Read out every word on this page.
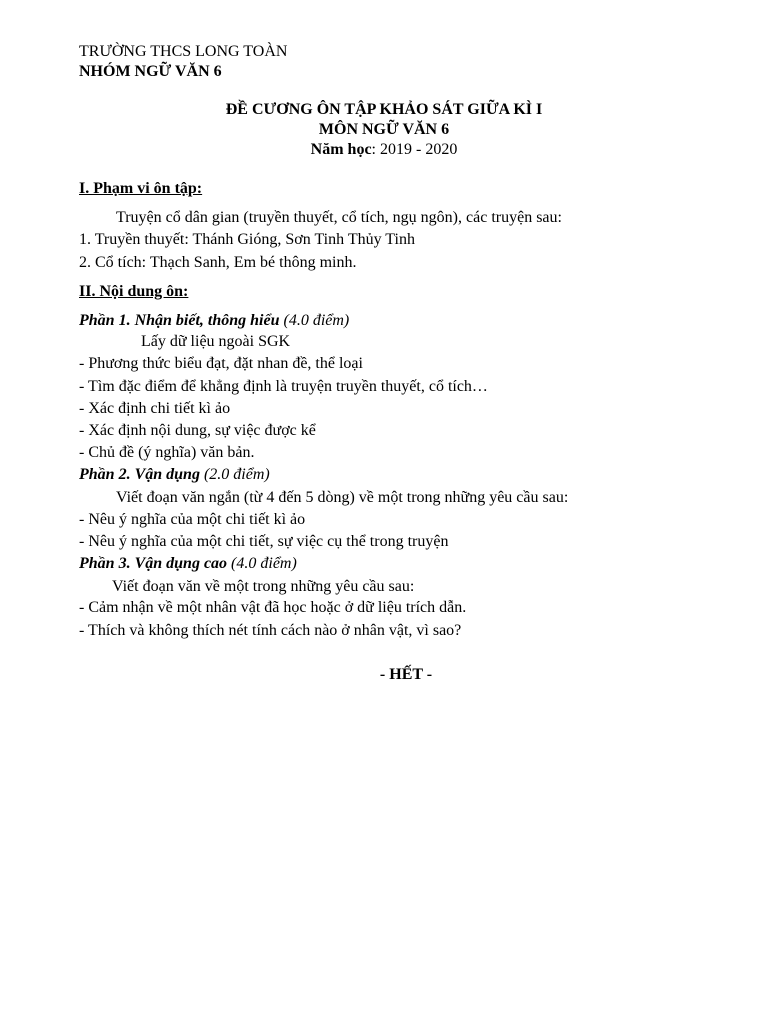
TRƯỜNG THCS LONG TOÀN
NHÓM NGỮ VĂN 6
ĐỀ CƯƠNG ÔN TẬP KHẢO SÁT GIỮA KÌ I
MÔN NGỮ VĂN 6
Năm học: 2019 - 2020
I. Phạm vi ôn tập:
Truyện cổ dân gian (truyền thuyết, cổ tích, ngụ ngôn), các truyện sau:
1. Truyền thuyết: Thánh Gióng, Sơn Tinh Thủy Tinh
2. Cổ tích: Thạch Sanh, Em bé thông minh.
II. Nội dung ôn:
Phần 1. Nhận biết, thông hiểu (4.0 điểm)
Lấy dữ liệu ngoài SGK
- Phương thức biểu đạt, đặt nhan đề, thể loại
- Tìm đặc điểm để khẳng định là truyện truyền thuyết, cổ tích…
- Xác định chi tiết kì ảo
- Xác định nội dung, sự việc được kể
- Chủ đề (ý nghĩa) văn bản.
Phần 2. Vận dụng (2.0 điểm)
Viết đoạn văn ngắn (từ 4 đến 5 dòng) về một trong những yêu cầu sau:
- Nêu ý nghĩa của một chi tiết kì ảo
- Nêu ý nghĩa của một chi tiết, sự việc cụ thể trong truyện
Phần 3. Vận dụng cao (4.0 điểm)
Viết đoạn văn về một trong những yêu cầu sau:
- Cảm nhận về một nhân vật đã học hoặc ở dữ liệu trích dẫn.
- Thích và không thích nét tính cách nào ở nhân vật, vì sao?
- HẾT -
